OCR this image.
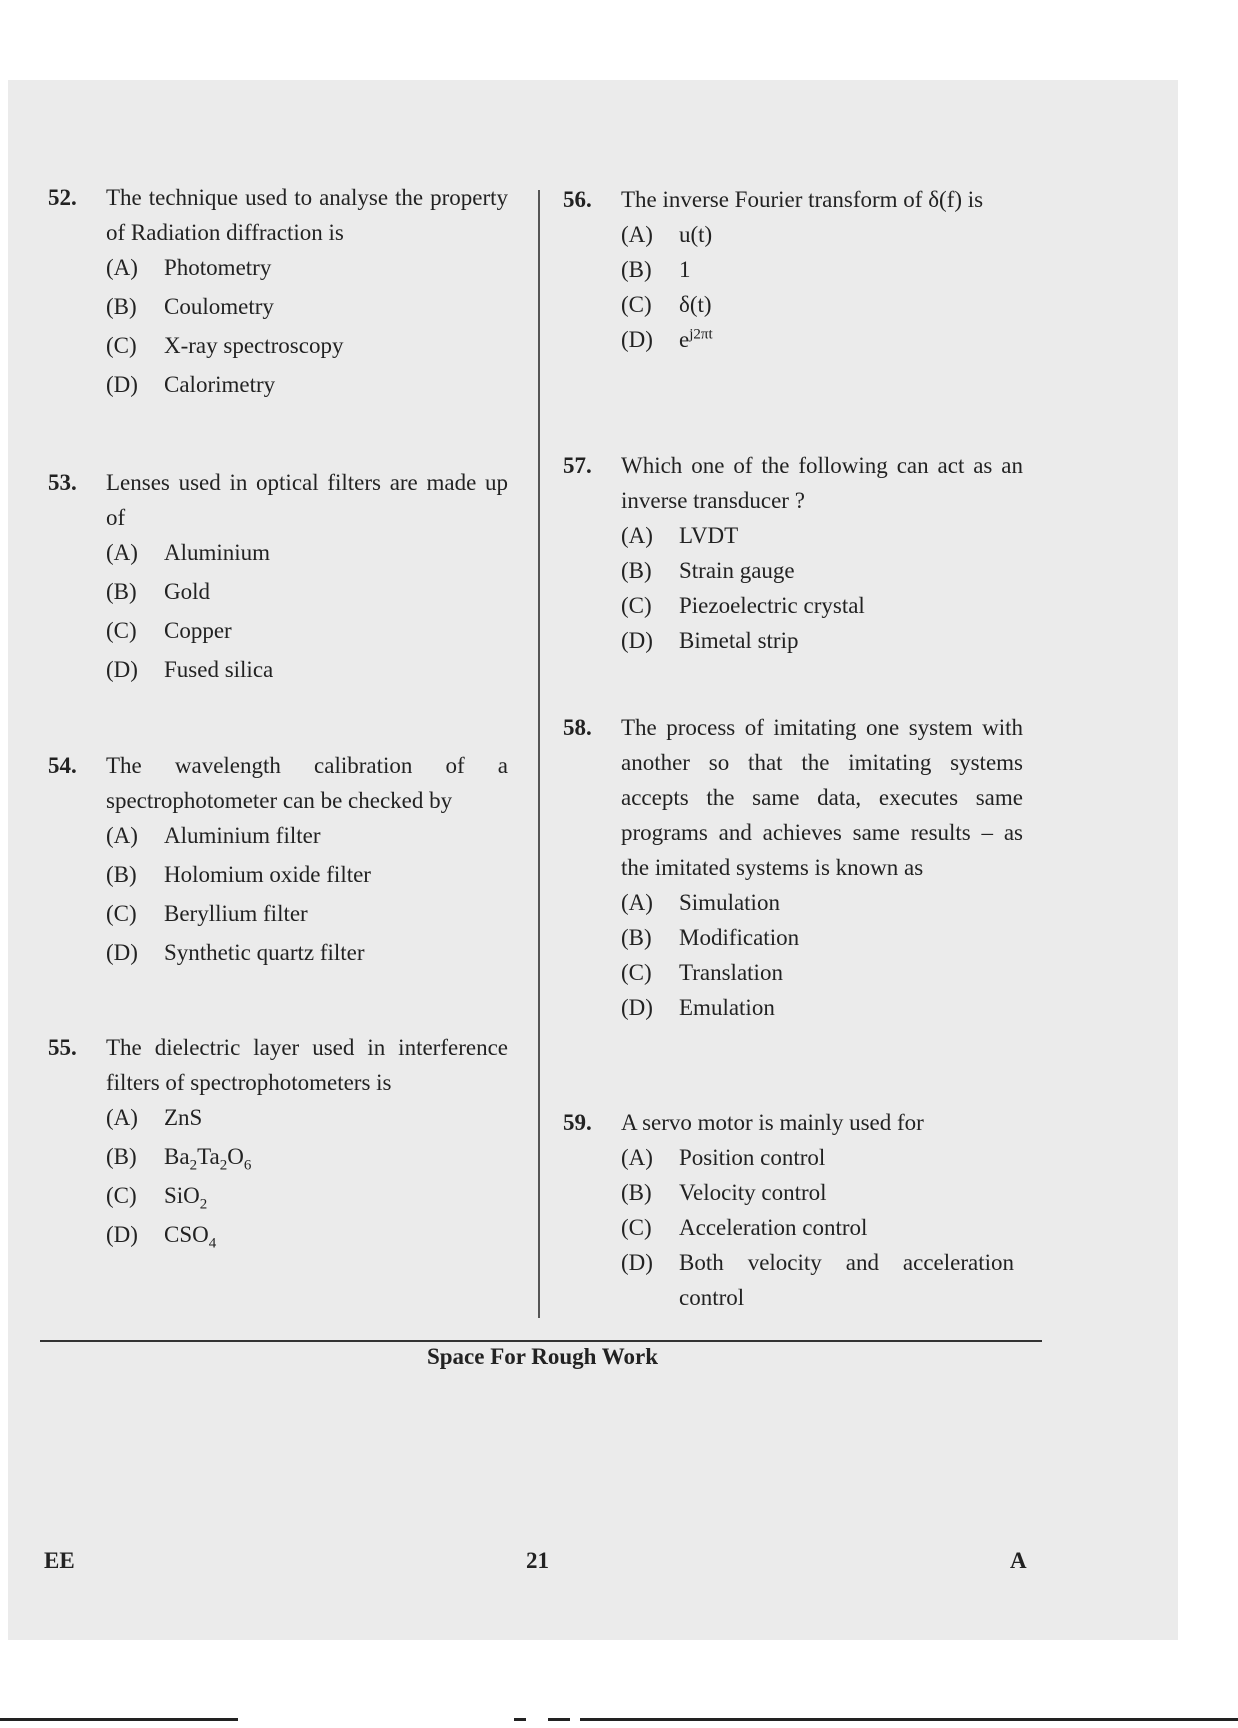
52. The technique used to analyse the property of Radiation diffraction is
(A) Photometry
(B) Coulometry
(C) X-ray spectroscopy
(D) Calorimetry
53. Lenses used in optical filters are made up of
(A) Aluminium
(B) Gold
(C) Copper
(D) Fused silica
54. The wavelength calibration of a spectrophotometer can be checked by
(A) Aluminium filter
(B) Holomium oxide filter
(C) Beryllium filter
(D) Synthetic quartz filter
55. The dielectric layer used in interference filters of spectrophotometers is
(A) ZnS
(B) $Ba_2Ta_2O_6$
(C) SiO$_2$
(D) $CSO_4$
56. The inverse Fourier transform of δ(f) is
(A) u(t)
(B) 1
(C) δ(t)
(D) $e^{j2\pi t}$
57. Which one of the following can act as an inverse transducer ?
(A) LVDT
(B) Strain gauge
(C) Piezoelectric crystal
(D) Bimetal strip
58. The process of imitating one system with another so that the imitating systems accepts the same data, executes same programs and achieves same results – as the imitated systems is known as
(A) Simulation
(B) Modification
(C) Translation
(D) Emulation
59. A servo motor is mainly used for
(A) Position control
(B) Velocity control
(C) Acceleration control
(D) Both velocity and acceleration control
Space For Rough Work
EE	21	A
